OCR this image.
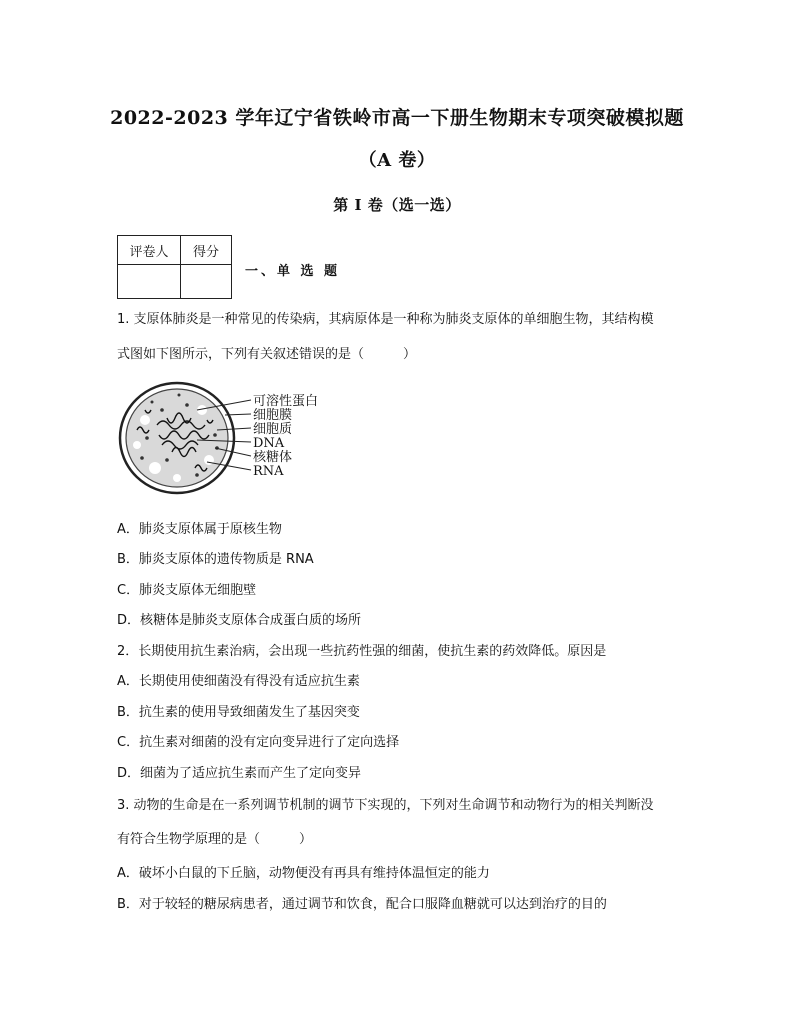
2022-2023 学年辽宁省铁岭市高一下册生物期末专项突破模拟题
（A 卷）
第 I 卷（选一选）
评卷人	得分

一、单 选 题
1. 支原体肺炎是一种常见的传染病，其病原体是一种称为肺炎支原体的单细胞生物，其结构模
式图如下图所示，下列有关叙述错误的是（　　　）
可溶性蛋白
细胞膜
细胞质
DNA
核糖体
RNA
A．肺炎支原体属于原核生物
B．肺炎支原体的遗传物质是 RNA
C．肺炎支原体无细胞壁
D．核糖体是肺炎支原体合成蛋白质的场所
2．长期使用抗生素治病，会出现一些抗药性强的细菌，使抗生素的药效降低。原因是
A．长期使用使细菌没有得没有适应抗生素
B．抗生素的使用导致细菌发生了基因突变
C．抗生素对细菌的没有定向变异进行了定向选择
D．细菌为了适应抗生素而产生了定向变异
3. 动物的生命是在一系列调节机制的调节下实现的，下列对生命调节和动物行为的相关判断没
有符合生物学原理的是（　　　）
A．破坏小白鼠的下丘脑，动物便没有再具有维持体温恒定的能力
B．对于较轻的糖尿病患者，通过调节和饮食，配合口服降血糖就可以达到治疗的目的
